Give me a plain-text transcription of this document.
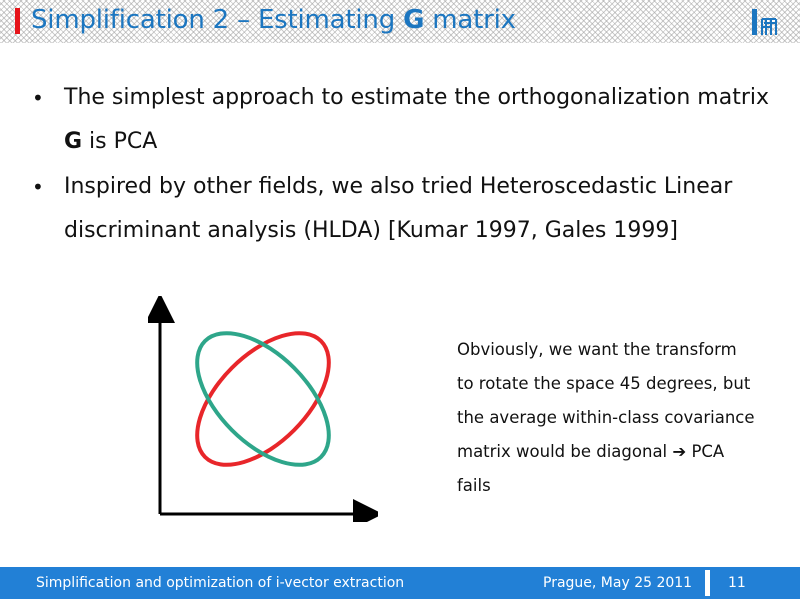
Simplification 2 – Estimating G matrix
• The simplest approach to estimate the orthogonalization matrix G is PCA
• Inspired by other fields, we also tried Heteroscedastic Linear discriminant analysis (HLDA) [Kumar 1997, Gales 1999]
Obviously, we want the transform to rotate the space 45 degrees, but the average within-class covariance matrix would be diagonal ➔ PCA fails
Simplification and optimization of i-vector extraction	Prague, May 25 2011	11
